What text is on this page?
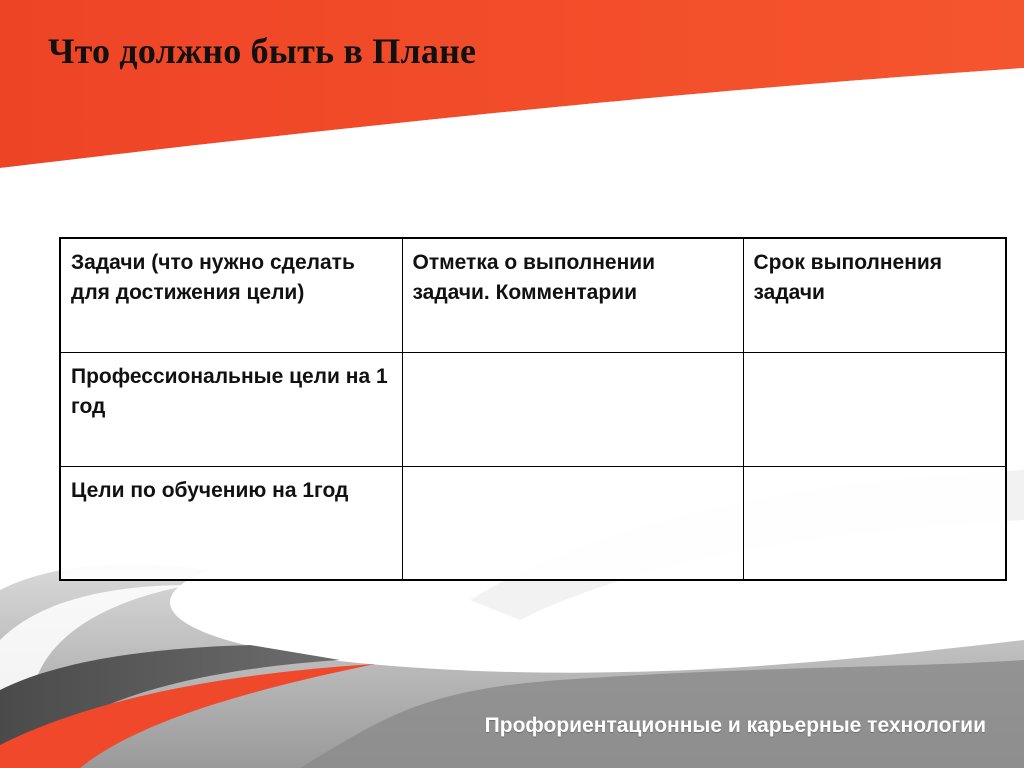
Что должно быть в Плане
Задачи (что нужно сделать для достижения цели)	Отметка о выполнении задачи. Комментарии	Срок выполнения задачи
Профессиональные цели на 1 год		
Цели по обучению на 1год		
Профориентационные и карьерные технологии
